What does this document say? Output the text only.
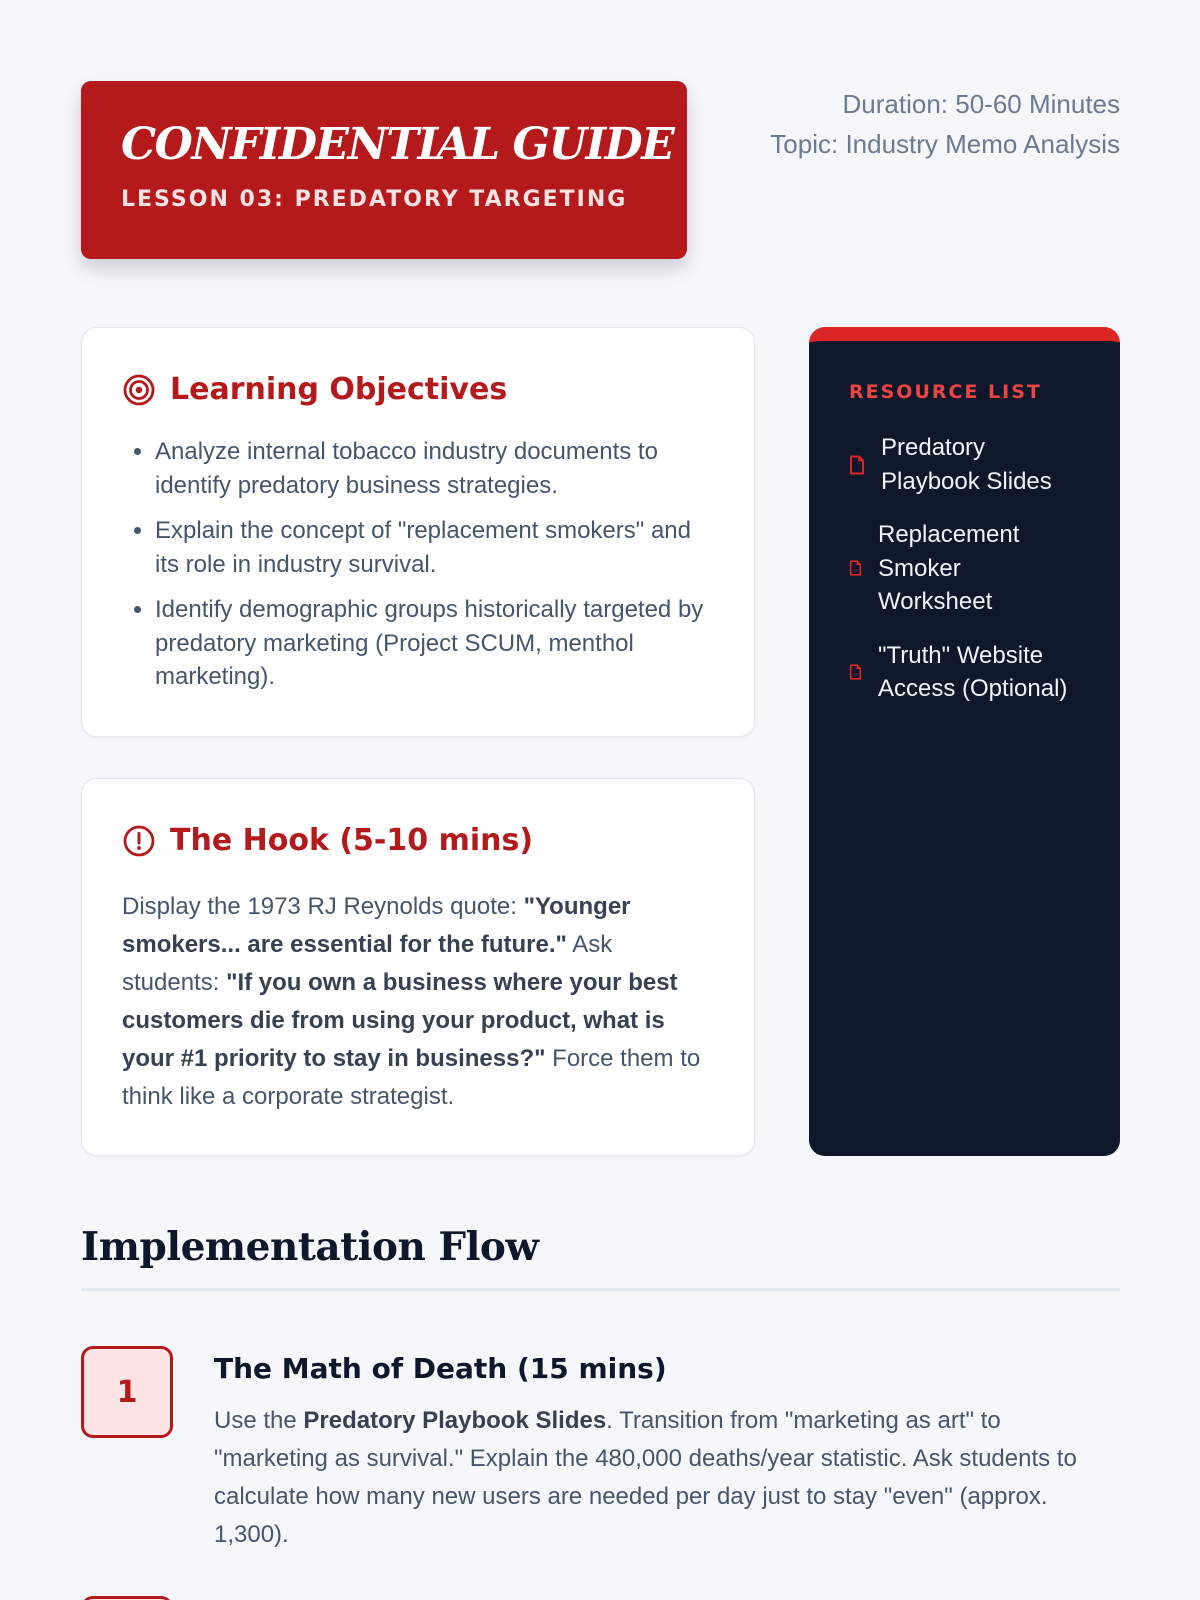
CONFIDENTIAL GUIDE
LESSON 03: PREDATORY TARGETING
Duration: 50-60 Minutes
Topic: Industry Memo Analysis
Learning Objectives
• Analyze internal tobacco industry documents to identify predatory business strategies.
• Explain the concept of "replacement smokers" and its role in industry survival.
• Identify demographic groups historically targeted by predatory marketing (Project SCUM, menthol marketing).
The Hook (5-10 mins)

Display the 1973 RJ Reynolds quote: "Younger smokers... are essential for the future." Ask students: "If you own a business where your best customers die from using your product, what is your #1 priority to stay in business?" Force them to think like a corporate strategist.

RESOURCE LIST
Predatory Playbook Slides
Replacement Smoker Worksheet
"Truth" Website Access (Optional)
Implementation Flow
1
The Math of Death (15 mins)

Use the Predatory Playbook Slides. Transition from "marketing as art" to "marketing as survival." Explain the 480,000 deaths/year statistic. Ask students to calculate how many new users are needed per day just to stay "even" (approx. 1,300).
